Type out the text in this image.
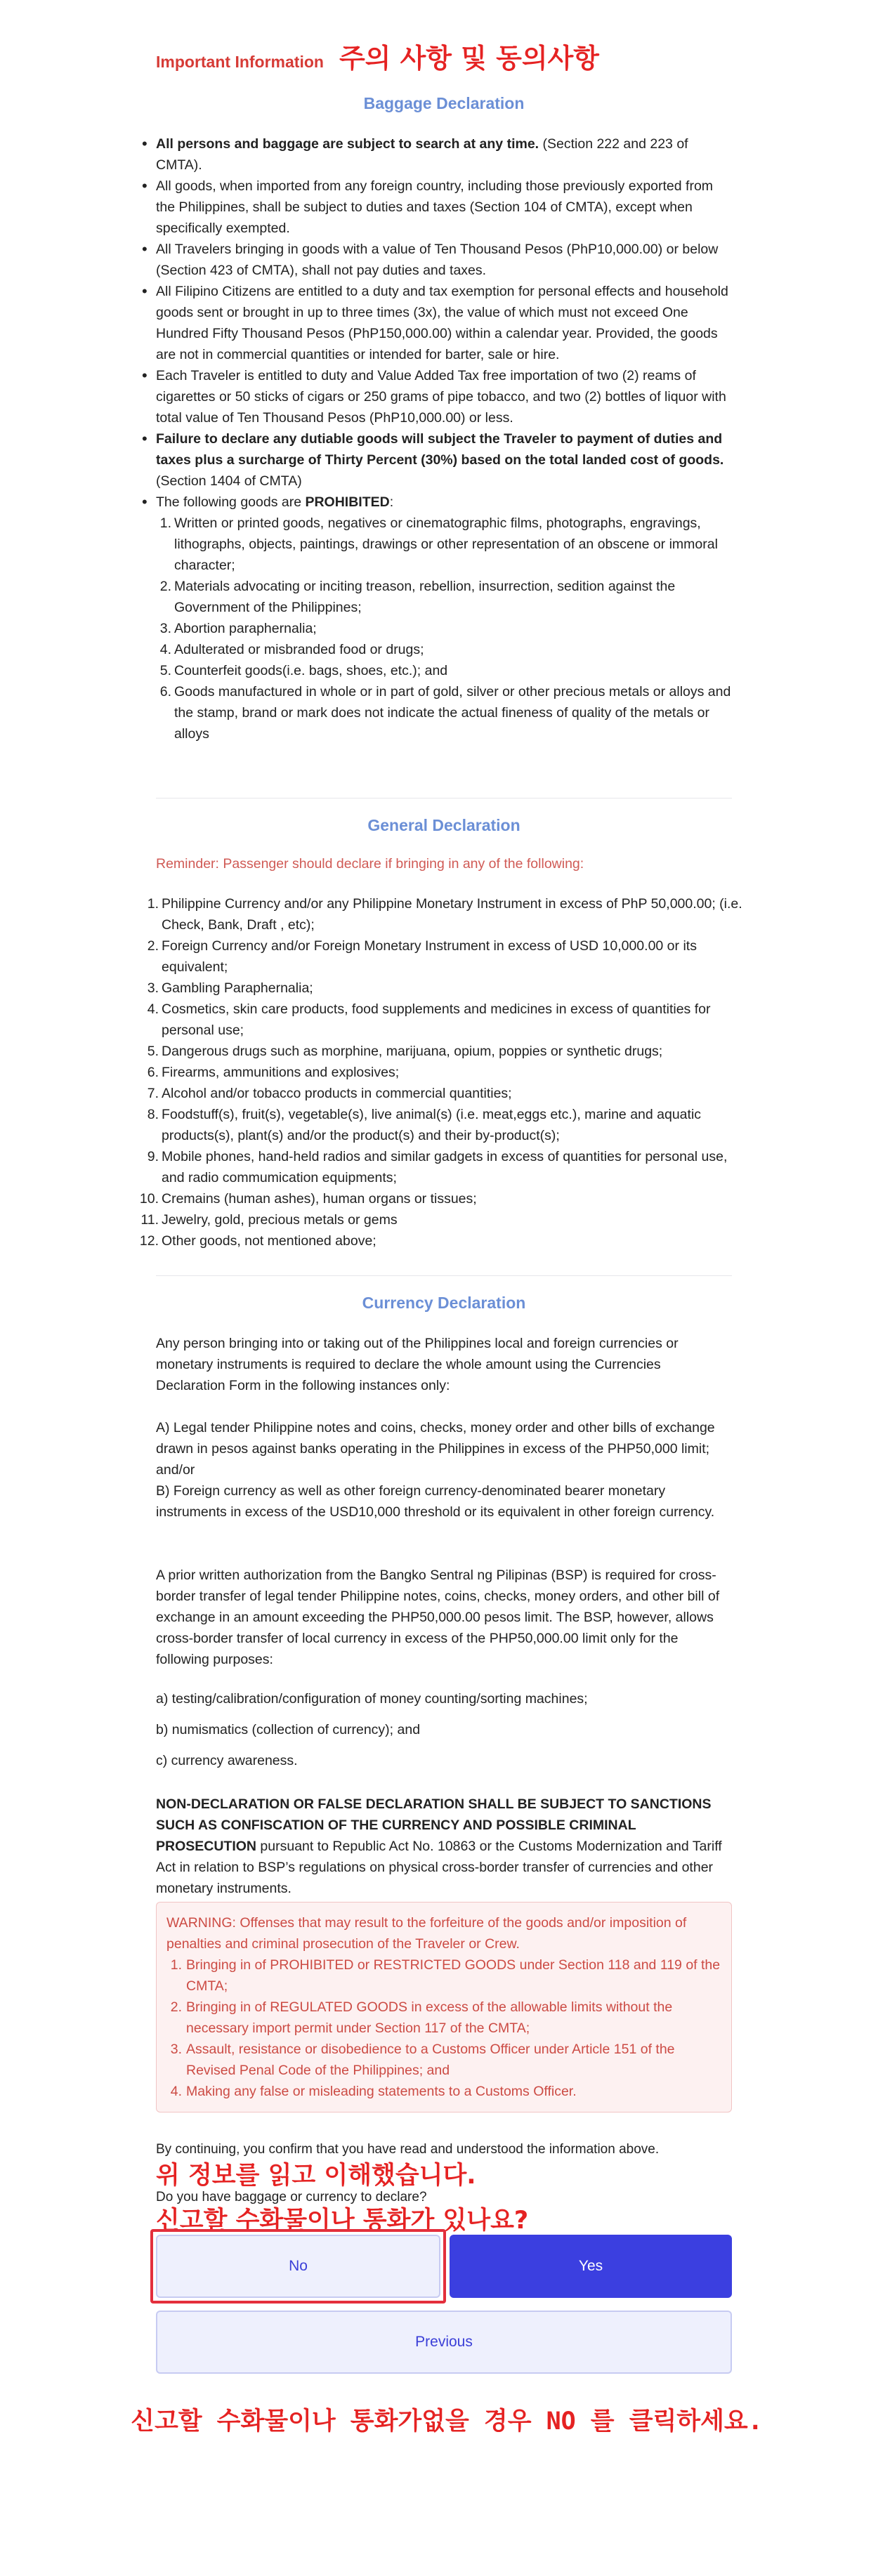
Important Information 주의 사항 및 동의사항
Baggage Declaration
• All persons and baggage are subject to search at any time. (Section 222 and 223 of CMTA).
• All goods, when imported from any foreign country, including those previously exported from the Philippines, shall be subject to duties and taxes (Section 104 of CMTA), except when specifically exempted.
• All Travelers bringing in goods with a value of Ten Thousand Pesos (PhP10,000.00) or below (Section 423 of CMTA), shall not pay duties and taxes.
• All Filipino Citizens are entitled to a duty and tax exemption for personal effects and household goods sent or brought in up to three times (3x), the value of which must not exceed One Hundred Fifty Thousand Pesos (PhP150,000.00) within a calendar year. Provided, the goods are not in commercial quantities or intended for barter, sale or hire.
• Each Traveler is entitled to duty and Value Added Tax free importation of two (2) reams of cigarettes or 50 sticks of cigars or 250 grams of pipe tobacco, and two (2) bottles of liquor with total value of Ten Thousand Pesos (PhP10,000.00) or less.
• Failure to declare any dutiable goods will subject the Traveler to payment of duties and taxes plus a surcharge of Thirty Percent (30%) based on the total landed cost of goods. (Section 1404 of CMTA)
• The following goods are PROHIBITED:
1. Written or printed goods, negatives or cinematographic films, photographs, engravings, lithographs, objects, paintings, drawings or other representation of an obscene or immoral character;
2. Materials advocating or inciting treason, rebellion, insurrection, sedition against the Government of the Philippines;
3. Abortion paraphernalia;
4. Adulterated or misbranded food or drugs;
5. Counterfeit goods(i.e. bags, shoes, etc.); and
6. Goods manufactured in whole or in part of gold, silver or other precious metals or alloys and the stamp, brand or mark does not indicate the actual fineness of quality of the metals or alloys
General Declaration
Reminder: Passenger should declare if bringing in any of the following:
1. Philippine Currency and/or any Philippine Monetary Instrument in excess of PhP 50,000.00; (i.e. Check, Bank, Draft , etc);
2. Foreign Currency and/or Foreign Monetary Instrument in excess of USD 10,000.00 or its equivalent;
3. Gambling Paraphernalia;
4. Cosmetics, skin care products, food supplements and medicines in excess of quantities for personal use;
5. Dangerous drugs such as morphine, marijuana, opium, poppies or synthetic drugs;
6. Firearms, ammunitions and explosives;
7. Alcohol and/or tobacco products in commercial quantities;
8. Foodstuff(s), fruit(s), vegetable(s), live animal(s) (i.e. meat,eggs etc.), marine and aquatic products(s), plant(s) and/or the product(s) and their by-product(s);
9. Mobile phones, hand-held radios and similar gadgets in excess of quantities for personal use, and radio commumication equipments;
10. Cremains (human ashes), human organs or tissues;
11. Jewelry, gold, precious metals or gems
12. Other goods, not mentioned above;
Currency Declaration

Any person bringing into or taking out of the Philippines local and foreign currencies or monetary instruments is required to declare the whole amount using the Currencies Declaration Form in the following instances only:

A) Legal tender Philippine notes and coins, checks, money order and other bills of exchange drawn in pesos against banks operating in the Philippines in excess of the PHP50,000 limit; and/or

B) Foreign currency as well as other foreign currency-denominated bearer monetary instruments in excess of the USD10,000 threshold or its equivalent in other foreign currency.

A prior written authorization from the Bangko Sentral ng Pilipinas (BSP) is required for cross-border transfer of legal tender Philippine notes, coins, checks, money orders, and other bill of exchange in an amount exceeding the PHP50,000.00 pesos limit. The BSP, however, allows cross-border transfer of local currency in excess of the PHP50,000.00 limit only for the following purposes:

a) testing/calibration/configuration of money counting/sorting machines;

b) numismatics (collection of currency); and

c) currency awareness.

NON-DECLARATION OR FALSE DECLARATION SHALL BE SUBJECT TO SANCTIONS SUCH AS CONFISCATION OF THE CURRENCY AND POSSIBLE CRIMINAL PROSECUTION pursuant to Republic Act No. 10863 or the Customs Modernization and Tariff Act in relation to BSP’s regulations on physical cross-border transfer of currencies and other monetary instruments.

WARNING: Offenses that may result to the forfeiture of the goods and/or imposition of penalties and criminal prosecution of the Traveler or Crew.
1. Bringing in of PROHIBITED or RESTRICTED GOODS under Section 118 and 119 of the CMTA;
2. Bringing in of REGULATED GOODS in excess of the allowable limits without the necessary import permit under Section 117 of the CMTA;
3. Assault, resistance or disobedience to a Customs Officer under Article 151 of the Revised Penal Code of the Philippines; and
4. Making any false or misleading statements to a Customs Officer.

By continuing, you confirm that you have read and understood the information above.

위 정보를 읽고 이해했습니다.

Do you have baggage or currency to declare?

신고할 수화물이나 통화가 있나요?
No	Yes
Previous
신고할 수화물이나 통화가없을 경우 NO 를 클릭하세요.
